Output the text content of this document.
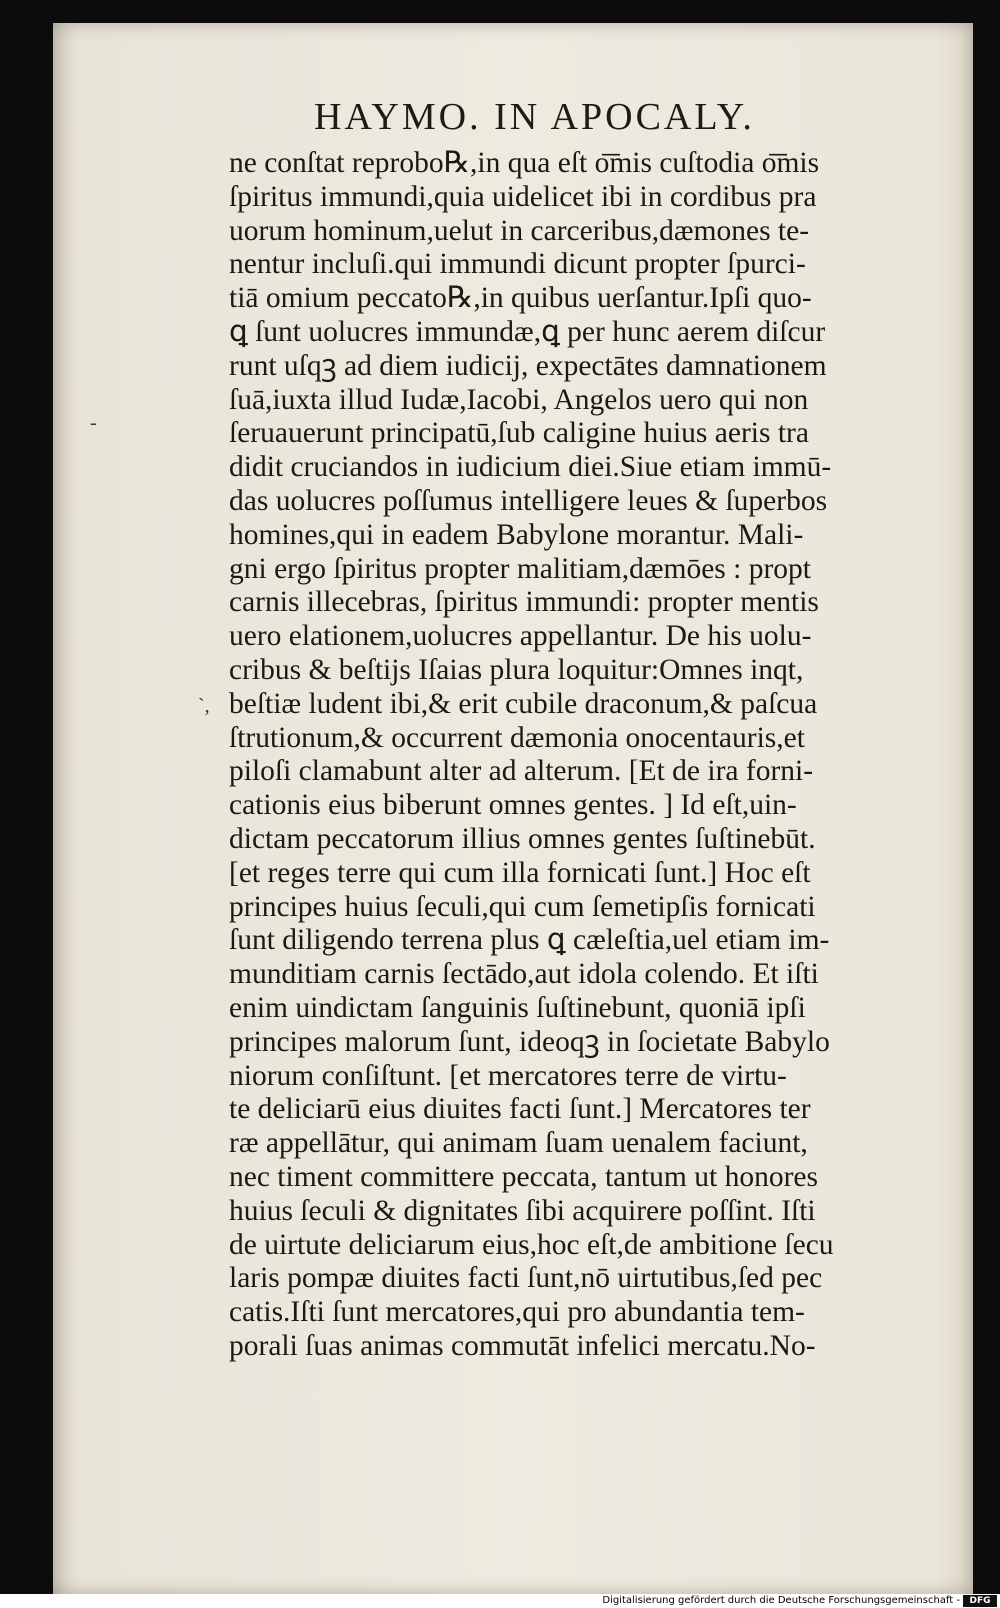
HAYMO. IN APOCALY.
ne conſtat reprobo℞,in qua eſt o͞mis cuſtodia o͞mis
ſpiritus immundi,quia uidelicet ibi in cordibus pra
uorum hominum,uelut in carceribus,dæmones te-
nentur incluſi.qui immundi dicunt propter ſpurci-
tiā omium peccato℞,in quibus uerſantur.Ipſi quo-
ꝗ ſunt uolucres immundæ,ꝗ per hunc aerem diſcur
runt uſqꝫ ad diem iudicij, expectātes damnationem
ſuā,iuxta illud Iudæ,Iacobi, Angelos uero qui non
ſeruauerunt principatū,ſub caligine huius aeris tra
didit cruciandos in iudicium diei.Siue etiam immū-
das uolucres poſſumus intelligere leues & ſuperbos
homines,qui in eadem Babylone morantur. Mali-
gni ergo ſpiritus propter malitiam,dæmōes : propt
carnis illecebras, ſpiritus immundi: propter mentis
uero elationem,uolucres appellantur. De his uolu-
cribus & beſtijs Iſaias plura loquitur:Omnes inqt,
beſtiæ ludent ibi,& erit cubile draconum,& paſcua
ſtrutionum,& occurrent dæmonia onocentauris,et
piloſi clamabunt alter ad alterum. [Et de ira forni-
cationis eius biberunt omnes gentes. ] Id eſt,uin-
dictam peccatorum illius omnes gentes ſuſtinebūt.
[et reges terre qui cum illa fornicati ſunt.] Hoc eſt
principes huius ſeculi,qui cum ſemetipſis fornicati
ſunt diligendo terrena plus ꝗ cæleſtia,uel etiam im-
munditiam carnis ſectādo,aut idola colendo. Et iſti
enim uindictam ſanguinis ſuſtinebunt, quoniā ipſi
principes malorum ſunt, ideoqꝫ in ſocietate Babylo
niorum conſiſtunt. [et mercatores terre de virtu-
te deliciarū eius diuites facti ſunt.] Mercatores ter
ræ appellātur, qui animam ſuam uenalem faciunt,
nec timent committere peccata, tantum ut honores
huius ſeculi & dignitates ſibi acquirere poſſint. Iſti
de uirtute deliciarum eius,hoc eſt,de ambitione ſecu
laris pompæ diuites facti ſunt,nō uirtutibus,ſed pec
catis.Iſti ſunt mercatores,qui pro abundantia tem-
porali ſuas animas commutāt infelici mercatu.No-
-
`,
Digitalisierung gefördert durch die Deutsche Forschungsgemeinschaft -	DFG
